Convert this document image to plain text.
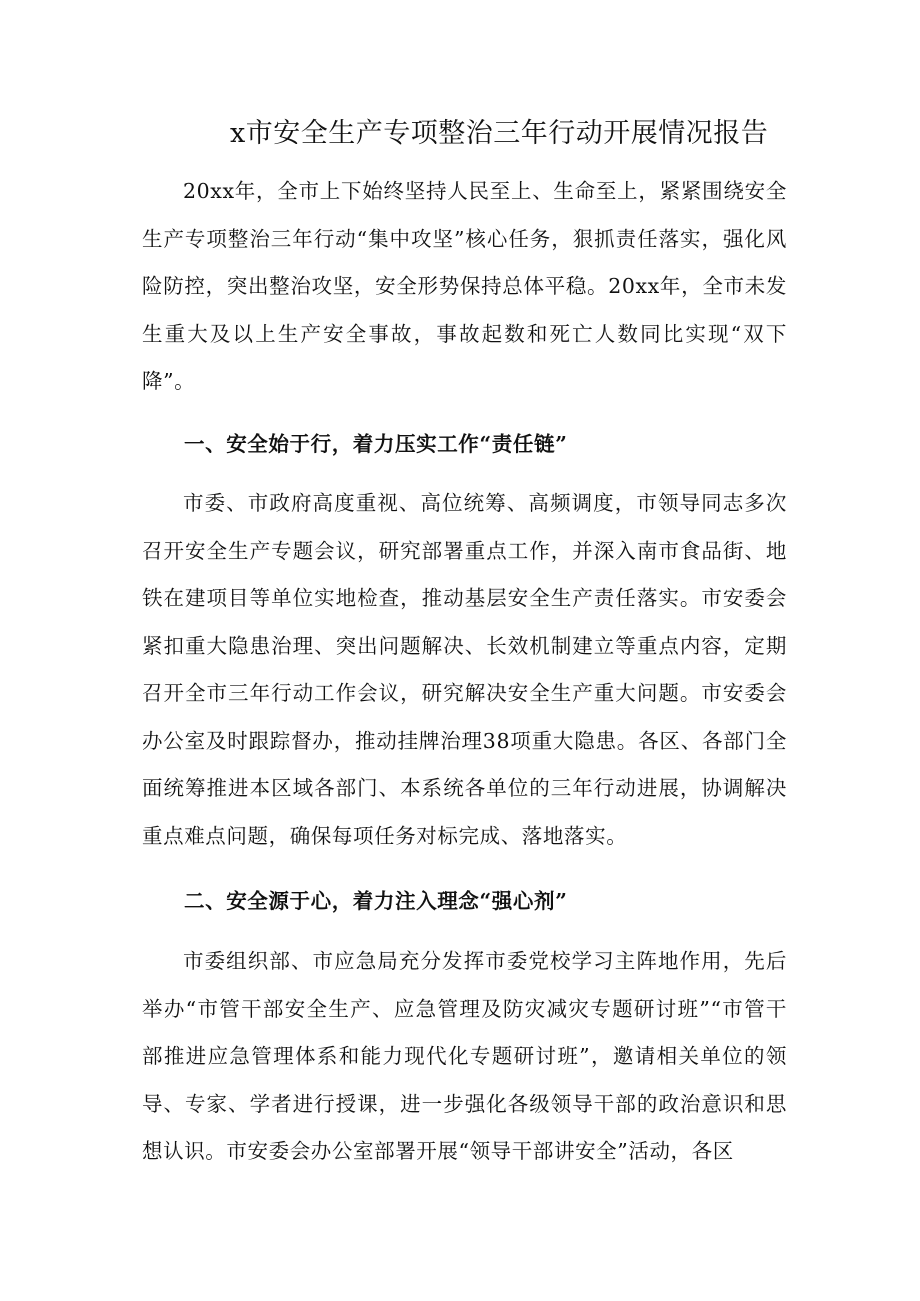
x市安全生产专项整治三年行动开展情况报告
20xx年，全市上下始终坚持人民至上、生命至上，紧紧围绕安全生产专项整治三年行动“集中攻坚”核心任务，狠抓责任落实，强化风险防控，突出整治攻坚，安全形势保持总体平稳。20xx年，全市未发生重大及以上生产安全事故，事故起数和死亡人数同比实现“双下降”。
一、安全始于行，着力压实工作“责任链”
市委、市政府高度重视、高位统筹、高频调度，市领导同志多次召开安全生产专题会议，研究部署重点工作，并深入南市食品街、地铁在建项目等单位实地检查，推动基层安全生产责任落实。市安委会紧扣重大隐患治理、突出问题解决、长效机制建立等重点内容，定期召开全市三年行动工作会议，研究解决安全生产重大问题。市安委会办公室及时跟踪督办，推动挂牌治理38项重大隐患。各区、各部门全面统筹推进本区域各部门、本系统各单位的三年行动进展，协调解决重点难点问题，确保每项任务对标完成、落地落实。
二、安全源于心，着力注入理念“强心剂”
市委组织部、市应急局充分发挥市委党校学习主阵地作用，先后举办“市管干部安全生产、应急管理及防灾减灾专题研讨班”“市管干部推进应急管理体系和能力现代化专题研讨班”，邀请相关单位的领导、专家、学者进行授课，进一步强化各级领导干部的政治意识和思想认识。市安委会办公室部署开展“领导干部讲安全”活动，各区
